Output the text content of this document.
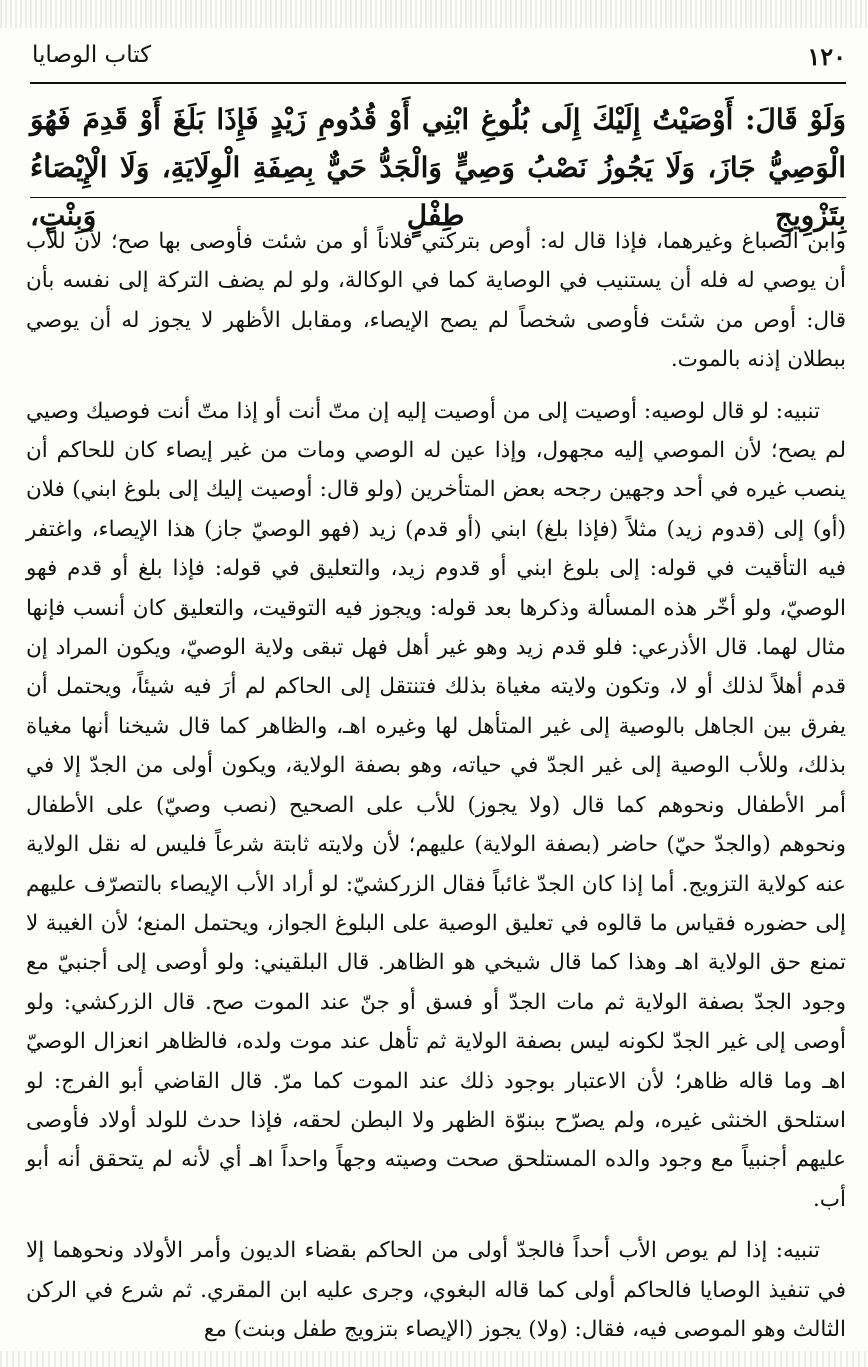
١٢٠
كتاب الوصايا

وَلَوْ قَالَ: أَوْصَيْتُ إِلَيْكَ إِلَى بُلُوغِ ابْنِي أَوْ قُدُومِ زَيْدٍ فَإِذَا بَلَغَ أَوْ قَدِمَ فَهُوَ الْوَصِيُّ جَازَ، وَلَا يَجُوزُ نَصْبُ وَصِيٍّ وَالْجَدُّ حَيٌّ بِصِفَةِ الْوِلَايَةِ، وَلَا الْإِيْصَاءُ بِتَزْوِيجِ طِفْلٍ وَبِنْتٍ،

وابن الصباغ وغيرهما، فإذا قال له: أوص بتركتي فلاناً أو من شئت فأوصى بها صح؛ لأن للأب أن يوصي له فله أن يستنيب في الوصاية كما في الوكالة، ولو لم يضف التركة إلى نفسه بأن قال: أوص من شئت فأوصى شخصاً لم يصح الإيصاء، ومقابل الأظهر لا يجوز له أن يوصي ببطلان إذنه بالموت.

تنبيه: لو قال لوصيه: أوصيت إلى من أوصيت إليه إن متّ أنت أو إذا متّ أنت فوصيك وصيي لم يصح؛ لأن الموصي إليه مجهول، وإذا عين له الوصي ومات من غير إيصاء كان للحاكم أن ينصب غيره في أحد وجهين رجحه بعض المتأخرين (ولو قال: أوصيت إليك إلى بلوغ ابني) فلان (أو) إلى (قدوم زيد) مثلاً (فإذا بلغ) ابني (أو قدم) زيد (فهو الوصيّ جاز) هذا الإيصاء، واغتفر فيه التأقيت في قوله: إلى بلوغ ابني أو قدوم زيد، والتعليق في قوله: فإذا بلغ أو قدم فهو الوصيّ، ولو أخّر هذه المسألة وذكرها بعد قوله: ويجوز فيه التوقيت، والتعليق كان أنسب فإنها مثال لهما. قال الأذرعي: فلو قدم زيد وهو غير أهل فهل تبقى ولاية الوصيّ، ويكون المراد إن قدم أهلاً لذلك أو لا، وتكون ولايته مغياة بذلك فتنتقل إلى الحاكم لم أرَ فيه شيئاً، ويحتمل أن يفرق بين الجاهل بالوصية إلى غير المتأهل لها وغيره اهـ، والظاهر كما قال شيخنا أنها مغياة بذلك، وللأب الوصية إلى غير الجدّ في حياته، وهو بصفة الولاية، ويكون أولى من الجدّ إلا في أمر الأطفال ونحوهم كما قال (ولا يجوز) للأب على الصحيح (نصب وصيّ) على الأطفال ونحوهم (والجدّ حيّ) حاضر (بصفة الولاية) عليهم؛ لأن ولايته ثابتة شرعاً فليس له نقل الولاية عنه كولاية التزويج. أما إذا كان الجدّ غائباً فقال الزركشيّ: لو أراد الأب الإيصاء بالتصرّف عليهم إلى حضوره فقياس ما قالوه في تعليق الوصية على البلوغ الجواز، ويحتمل المنع؛ لأن الغيبة لا تمنع حق الولاية اهـ وهذا كما قال شيخي هو الظاهر. قال البلقيني: ولو أوصى إلى أجنبيّ مع وجود الجدّ بصفة الولاية ثم مات الجدّ أو فسق أو جنّ عند الموت صح. قال الزركشي: ولو أوصى إلى غير الجدّ لكونه ليس بصفة الولاية ثم تأهل عند موت ولده، فالظاهر انعزال الوصيّ اهـ وما قاله ظاهر؛ لأن الاعتبار بوجود ذلك عند الموت كما مرّ. قال القاضي أبو الفرج: لو استلحق الخنثى غيره، ولم يصرّح ببنوّة الظهر ولا البطن لحقه، فإذا حدث للولد أولاد فأوصى عليهم أجنبياً مع وجود والده المستلحق صحت وصيته وجهاً واحداً اهـ أي لأنه لم يتحقق أنه أبو أب.

تنبيه: إذا لم يوص الأب أحداً فالجدّ أولى من الحاكم بقضاء الديون وأمر الأولاد ونحوهما إلا في تنفيذ الوصايا فالحاكم أولى كما قاله البغوي، وجرى عليه ابن المقري. ثم شرع في الركن الثالث وهو الموصى فيه، فقال: (ولا) يجوز (الإيصاء بتزويج طفل وبنت) مع
